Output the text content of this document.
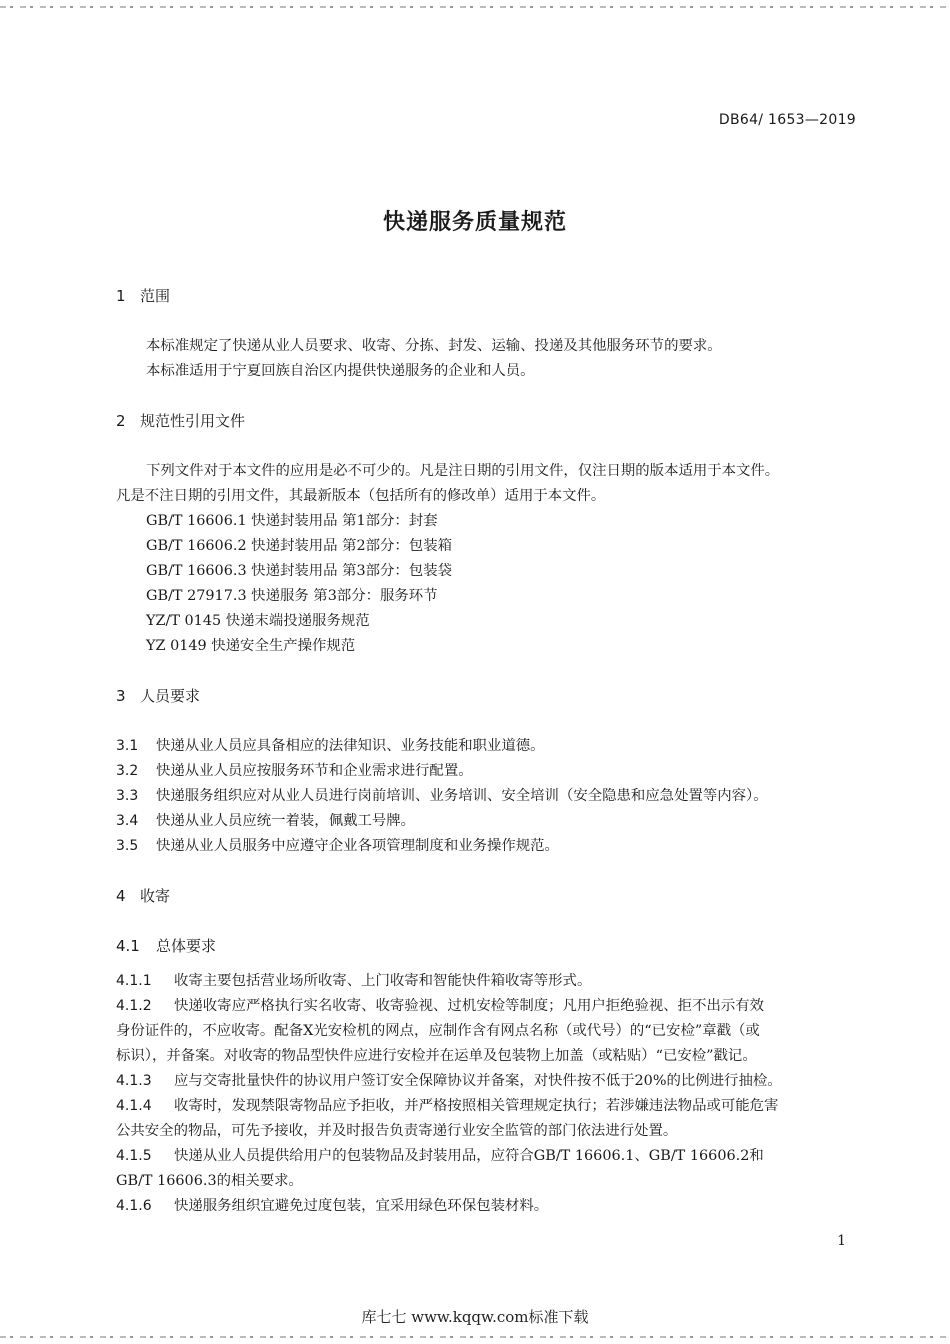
DB64/ 1653—2019

快递服务质量规范

1 范围

本标准规定了快递从业人员要求、收寄、分拣、封发、运输、投递及其他服务环节的要求。

本标准适用于宁夏回族自治区内提供快递服务的企业和人员。

2 规范性引用文件

下列文件对于本文件的应用是必不可少的。凡是注日期的引用文件，仅注日期的版本适用于本文件。

凡是不注日期的引用文件，其最新版本（包括所有的修改单）适用于本文件。

GB/T 16606.1 快递封装用品 第1部分：封套

GB/T 16606.2 快递封装用品 第2部分：包装箱

GB/T 16606.3 快递封装用品 第3部分：包装袋

GB/T 27917.3 快递服务 第3部分：服务环节

YZ/T 0145 快递末端投递服务规范

YZ 0149 快递安全生产操作规范

3 人员要求

3.1 快递从业人员应具备相应的法律知识、业务技能和职业道德。

3.2 快递从业人员应按服务环节和企业需求进行配置。

3.3 快递服务组织应对从业人员进行岗前培训、业务培训、安全培训（安全隐患和应急处置等内容）。

3.4 快递从业人员应统一着装，佩戴工号牌。

3.5 快递从业人员服务中应遵守企业各项管理制度和业务操作规范。

4 收寄

4.1 总体要求

4.1.1 收寄主要包括营业场所收寄、上门收寄和智能快件箱收寄等形式。

4.1.2 快递收寄应严格执行实名收寄、收寄验视、过机安检等制度；凡用户拒绝验视、拒不出示有效

身份证件的，不应收寄。配备X光安检机的网点，应制作含有网点名称（或代号）的“已安检”章戳（或

标识），并备案。对收寄的物品型快件应进行安检并在运单及包装物上加盖（或粘贴）“已安检”戳记。

4.1.3 应与交寄批量快件的协议用户签订安全保障协议并备案，对快件按不低于20%的比例进行抽检。

4.1.4 收寄时，发现禁限寄物品应予拒收，并严格按照相关管理规定执行；若涉嫌违法物品或可能危害

公共安全的物品，可先予接收，并及时报告负责寄递行业安全监管的部门依法进行处置。

4.1.5 快递从业人员提供给用户的包装物品及封装用品，应符合GB/T 16606.1、GB/T 16606.2和

GB/T 16606.3的相关要求。

4.1.6 快递服务组织宜避免过度包装，宜采用绿色环保包装材料。

1

库七七 www.kqqw.com标准下载
